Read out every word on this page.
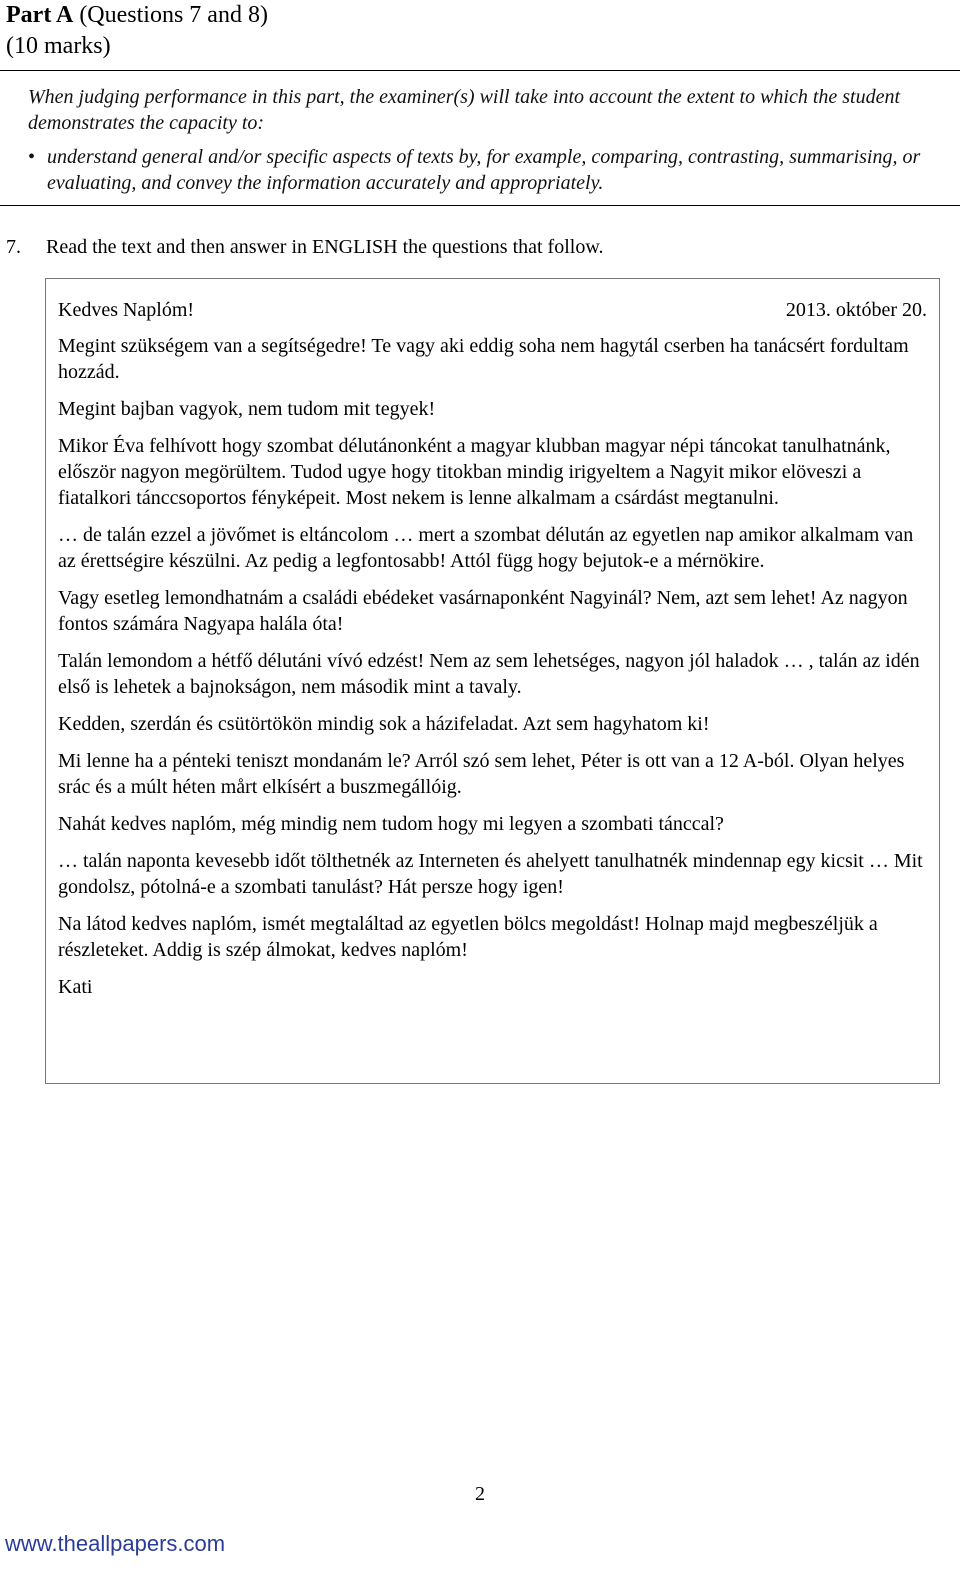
Part A (Questions 7 and 8)
(10 marks)

When judging performance in this part, the examiner(s) will take into account the extent to which the student demonstrates the capacity to:

• understand general and/or specific aspects of texts by, for example, comparing, contrasting, summarising, or evaluating, and convey the information accurately and appropriately.
7. Read the text and then answer in ENGLISH the questions that follow.
Kedves Naplóm!	2013. október 20.

Megint szükségem van a segítségedre! Te vagy aki eddig soha nem hagytál cserben ha tanácsért fordultam hozzád.

Megint bajban vagyok, nem tudom mit tegyek!

Mikor Éva felhívott hogy szombat délutánonként a magyar klubban magyar népi táncokat tanulhatnánk, először nagyon megörültem. Tudod ugye hogy titokban mindig irigyeltem a Nagyit mikor elöveszi a fiatalkori tánccsoportos fényképeit. Most nekem is lenne alkalmam a csárdást megtanulni.

… de talán ezzel a jövőmet is eltáncolom … mert a szombat délután az egyetlen nap amikor alkalmam van az érettségire készülni. Az pedig a legfontosabb! Attól függ hogy bejutok-e a mérnökire.

Vagy esetleg lemondhatnám a családi ebédeket vasárnaponként Nagyinál? Nem, azt sem lehet! Az nagyon fontos számára Nagyapa halála óta!

Talán lemondom a hétfő délutáni vívó edzést! Nem az sem lehetséges, nagyon jól haladok … , talán az idén első is lehetek a bajnokságon, nem második mint a tavaly.

Kedden, szerdán és csütörtökön mindig sok a házifeladat. Azt sem hagyhatom ki!

Mi lenne ha a pénteki teniszt mondanám le? Arról szó sem lehet, Péter is ott van a 12 A-ból. Olyan helyes srác és a múlt héten mårt elkísért a buszmegállóig.

Nahát kedves naplóm, még mindig nem tudom hogy mi legyen a szombati tánccal?

… talán naponta kevesebb időt tölthetnék az Interneten és ahelyett tanulhatnék mindennap egy kicsit … Mit gondolsz, pótolná-e a szombati tanulást? Hát persze hogy igen!

Na látod kedves naplóm, ismét megtaláltad az egyetlen bölcs megoldást! Holnap majd megbeszéljük a részleteket. Addig is szép álmokat, kedves naplóm!

Kati

2
www.theallpapers.com
